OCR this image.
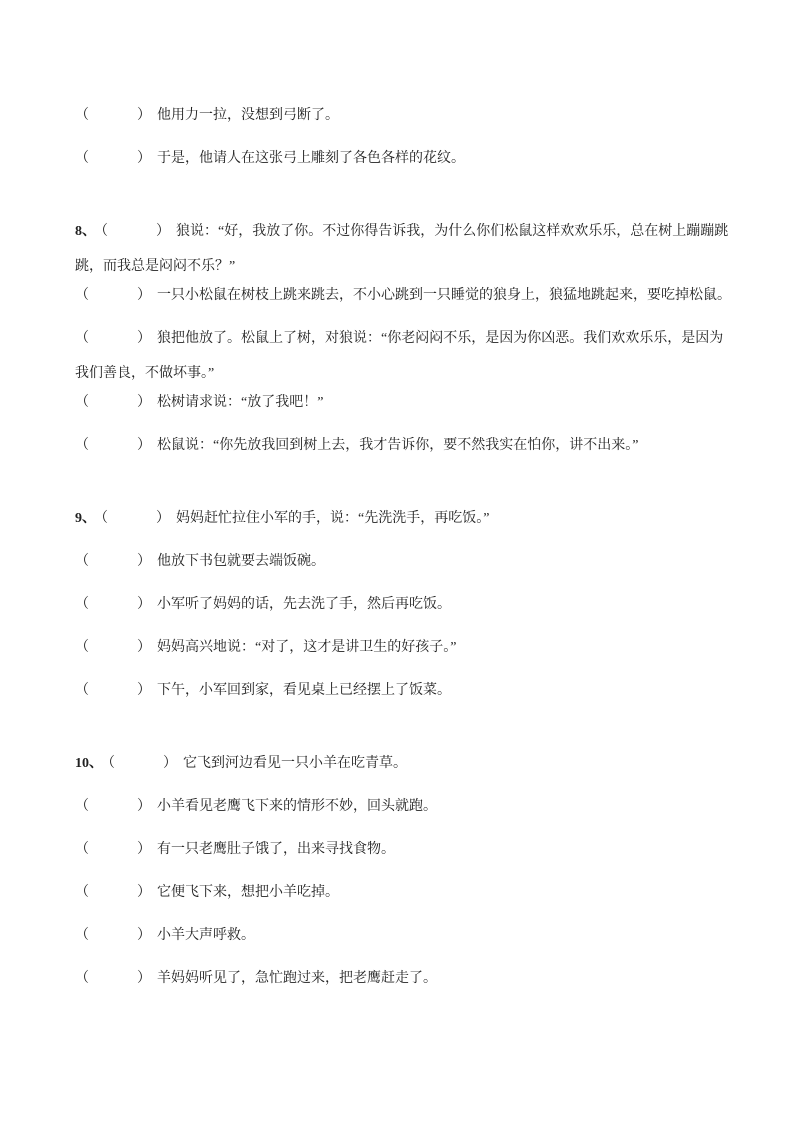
（	） 他用力一拉，没想到弓断了。
（	） 于是，他请人在这张弓上雕刻了各色各样的花纹。
8、 （	） 狼说：“好，我放了你。不过你得告诉我，为什么你们松鼠这样欢欢乐乐，总在树上蹦蹦跳跳，而我总是闷闷不乐？”
（	） 一只小松鼠在树枝上跳来跳去，不小心跳到一只睡觉的狼身上，狼猛地跳起来，要吃掉松鼠。
（	） 狼把他放了。松鼠上了树，对狼说：“你老闷闷不乐，是因为你凶恶。我们欢欢乐乐，是因为我们善良，不做坏事。”
（	） 松树请求说：“放了我吧！”
（	） 松鼠说：“你先放我回到树上去，我才告诉你，要不然我实在怕你，讲不出来。”
9、 （	） 妈妈赶忙拉住小军的手，说：“先洗洗手，再吃饭。”
（	） 他放下书包就要去端饭碗。
（	） 小军听了妈妈的话，先去洗了手，然后再吃饭。
（	） 妈妈高兴地说：“对了，这才是讲卫生的好孩子。”
（	） 下午，小军回到家，看见桌上已经摆上了饭菜。
10、 （	） 它飞到河边看见一只小羊在吃青草。
（	） 小羊看见老鹰飞下来的情形不妙，回头就跑。
（	） 有一只老鹰肚子饿了，出来寻找食物。
（	） 它便飞下来，想把小羊吃掉。
（	） 小羊大声呼救。
（	） 羊妈妈听见了，急忙跑过来，把老鹰赶走了。
